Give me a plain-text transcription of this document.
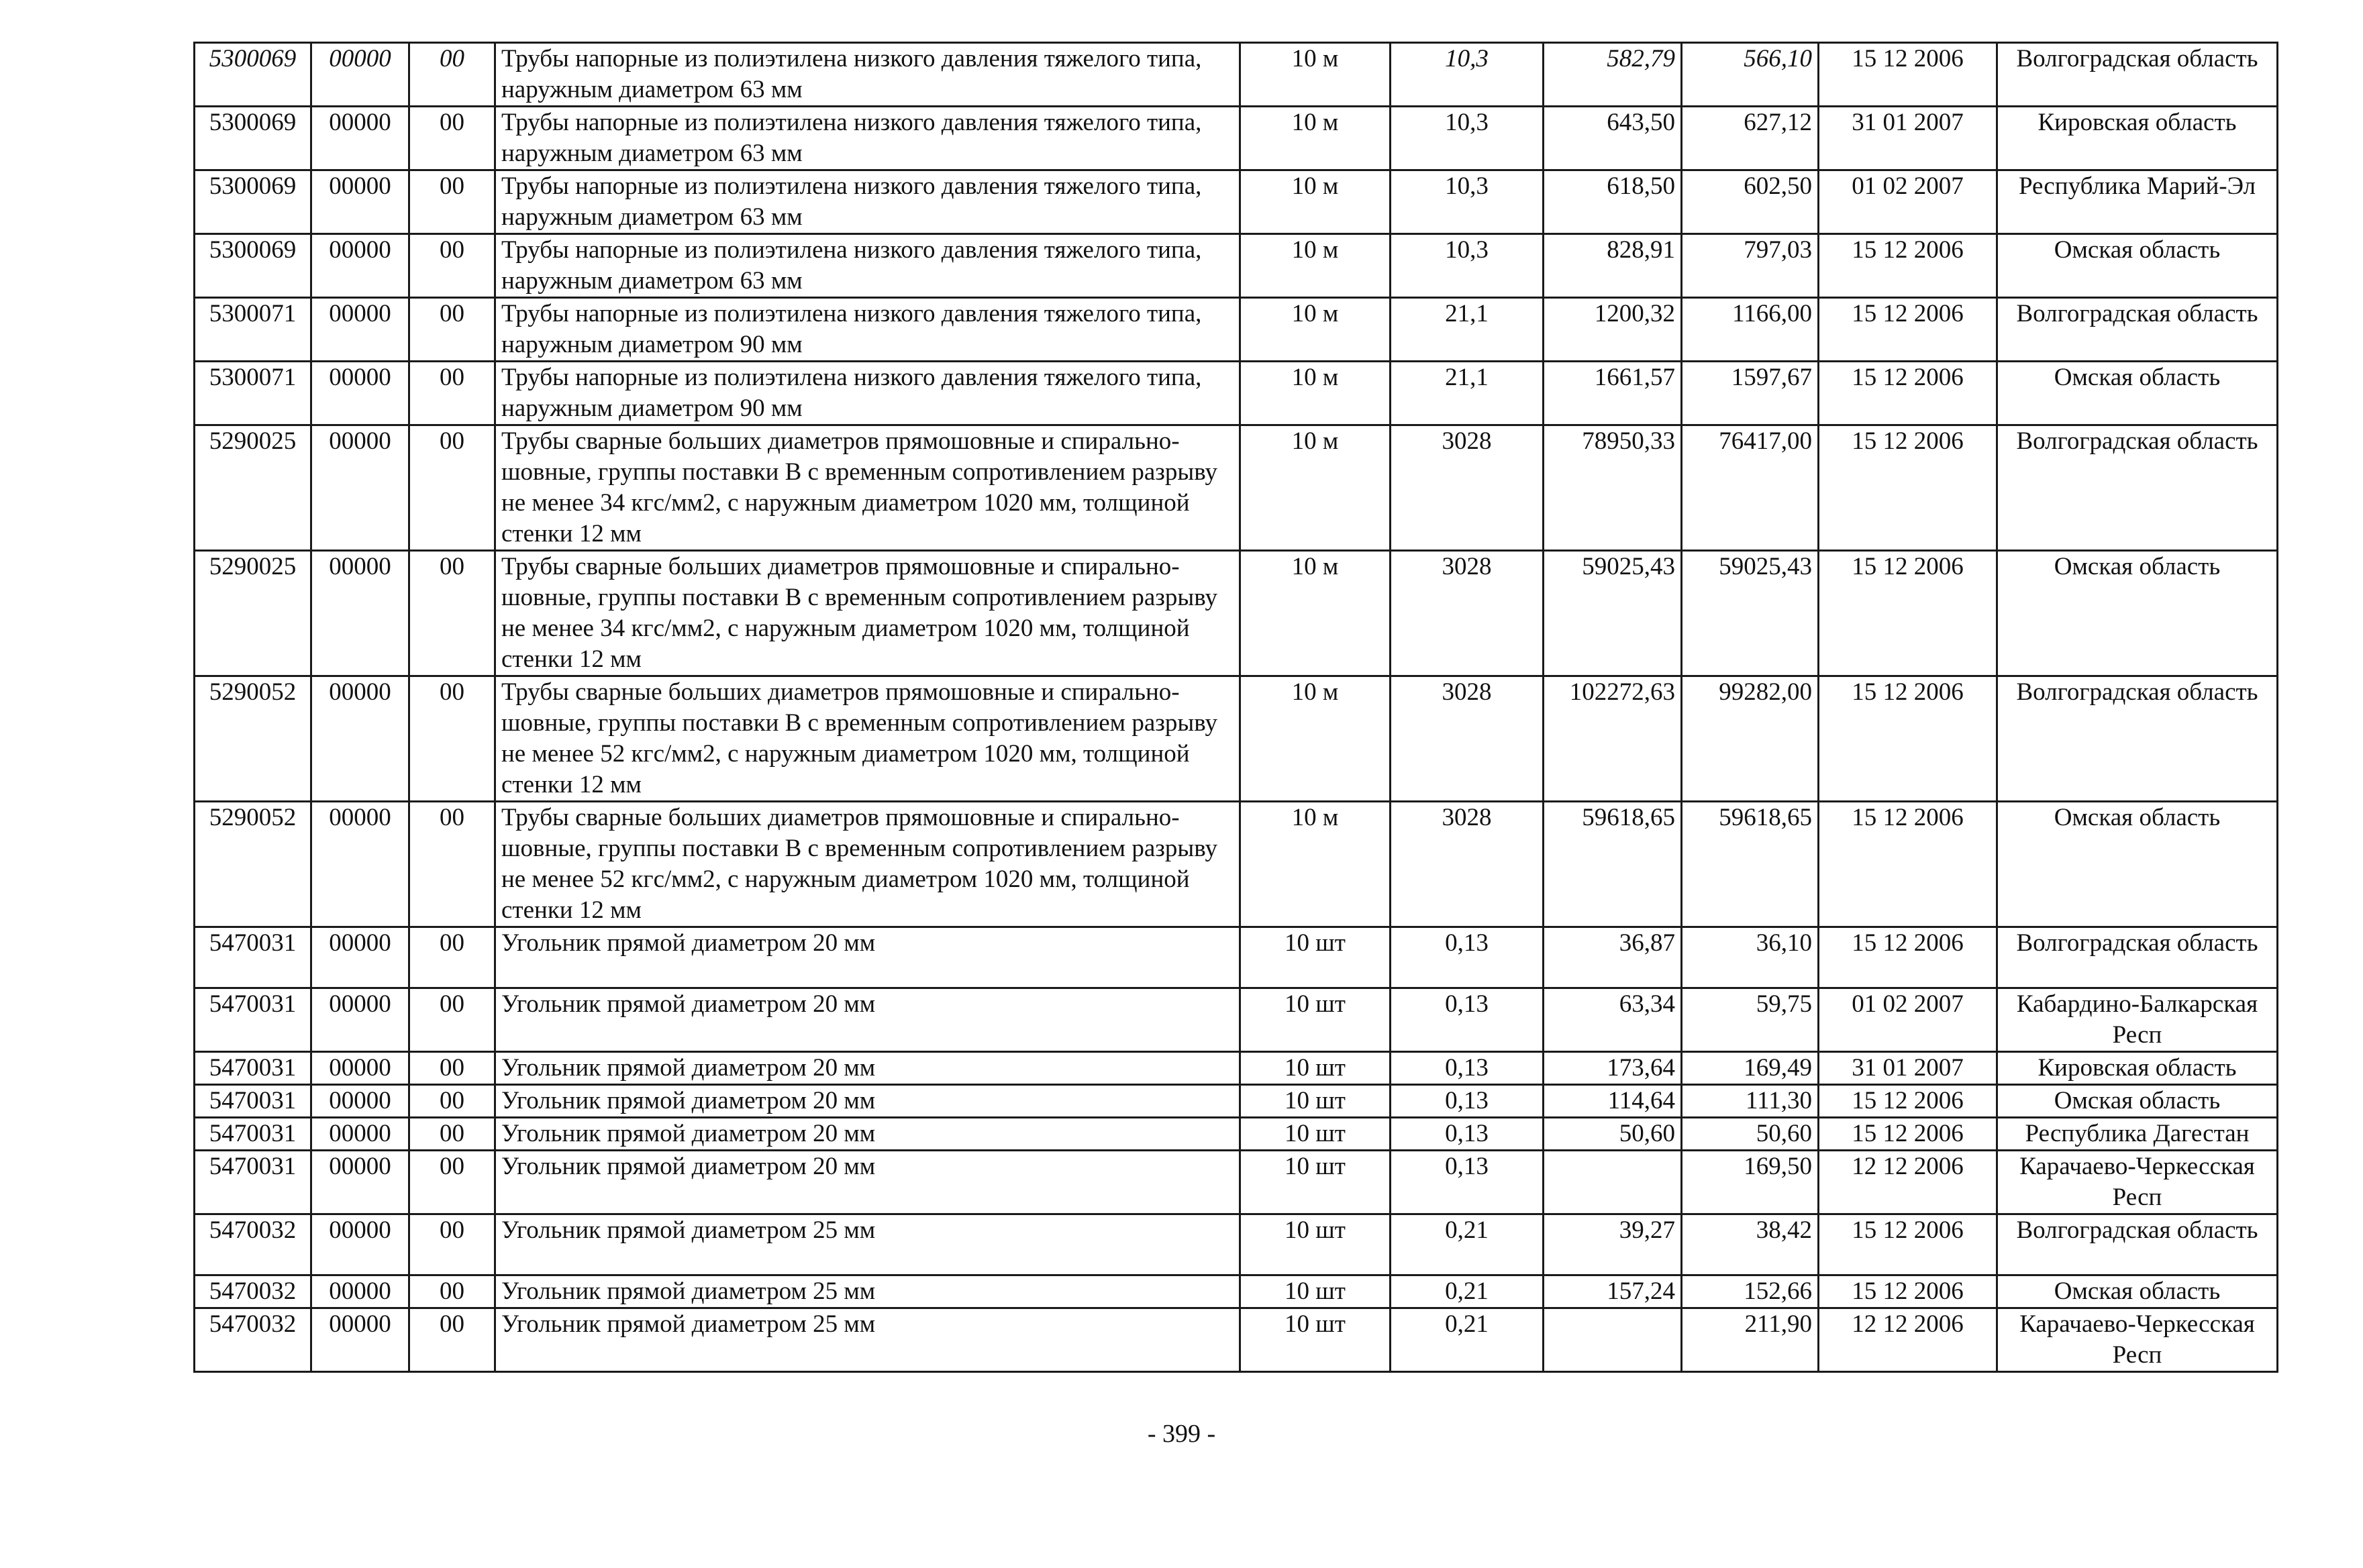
5300069	00000	00	Трубы напорные из полиэтилена низкого давления тяжелого типа, наружным диаметром 63 мм	10 м	10,3	582,79	566,10	15 12 2006	Волгоградская область
5300069	00000	00	Трубы напорные из полиэтилена низкого давления тяжелого типа, наружным диаметром 63 мм	10 м	10,3	643,50	627,12	31 01 2007	Кировская область
5300069	00000	00	Трубы напорные из полиэтилена низкого давления тяжелого типа, наружным диаметром 63 мм	10 м	10,3	618,50	602,50	01 02 2007	Республика Марий-Эл
5300069	00000	00	Трубы напорные из полиэтилена низкого давления тяжелого типа, наружным диаметром 63 мм	10 м	10,3	828,91	797,03	15 12 2006	Омская область
5300071	00000	00	Трубы напорные из полиэтилена низкого давления тяжелого типа, наружным диаметром 90 мм	10 м	21,1	1200,32	1166,00	15 12 2006	Волгоградская область
5300071	00000	00	Трубы напорные из полиэтилена низкого давления тяжелого типа, наружным диаметром 90 мм	10 м	21,1	1661,57	1597,67	15 12 2006	Омская область
5290025	00000	00	Трубы сварные больших диаметров прямошовные и спирально-шовные, группы поставки В с временным сопротивлением разрыву не менее 34 кгс/мм2, с наружным диаметром 1020 мм, толщиной стенки 12 мм	10 м	3028	78950,33	76417,00	15 12 2006	Волгоградская область
5290025	00000	00	Трубы сварные больших диаметров прямошовные и спирально-шовные, группы поставки В с временным сопротивлением разрыву не менее 34 кгс/мм2, с наружным диаметром 1020 мм, толщиной стенки 12 мм	10 м	3028	59025,43	59025,43	15 12 2006	Омская область
5290052	00000	00	Трубы сварные больших диаметров прямошовные и спирально-шовные, группы поставки В с временным сопротивлением разрыву не менее 52 кгс/мм2, с наружным диаметром 1020 мм, толщиной стенки 12 мм	10 м	3028	102272,63	99282,00	15 12 2006	Волгоградская область
5290052	00000	00	Трубы сварные больших диаметров прямошовные и спирально-шовные, группы поставки В с временным сопротивлением разрыву не менее 52 кгс/мм2, с наружным диаметром 1020 мм, толщиной стенки 12 мм	10 м	3028	59618,65	59618,65	15 12 2006	Омская область
5470031	00000	00	Угольник прямой диаметром 20 мм	10 шт	0,13	36,87	36,10	15 12 2006	Волгоградская область
5470031	00000	00	Угольник прямой диаметром 20 мм	10 шт	0,13	63,34	59,75	01 02 2007	Кабардино-Балкарская Респ
5470031	00000	00	Угольник прямой диаметром 20 мм	10 шт	0,13	173,64	169,49	31 01 2007	Кировская область
5470031	00000	00	Угольник прямой диаметром 20 мм	10 шт	0,13	114,64	111,30	15 12 2006	Омская область
5470031	00000	00	Угольник прямой диаметром 20 мм	10 шт	0,13	50,60	50,60	15 12 2006	Республика Дагестан
5470031	00000	00	Угольник прямой диаметром 20 мм	10 шт	0,13		169,50	12 12 2006	Карачаево-Черкесская Респ
5470032	00000	00	Угольник прямой диаметром 25 мм	10 шт	0,21	39,27	38,42	15 12 2006	Волгоградская область
5470032	00000	00	Угольник прямой диаметром 25 мм	10 шт	0,21	157,24	152,66	15 12 2006	Омская область
5470032	00000	00	Угольник прямой диаметром 25 мм	10 шт	0,21		211,90	12 12 2006	Карачаево-Черкесская Респ
- 399 -
